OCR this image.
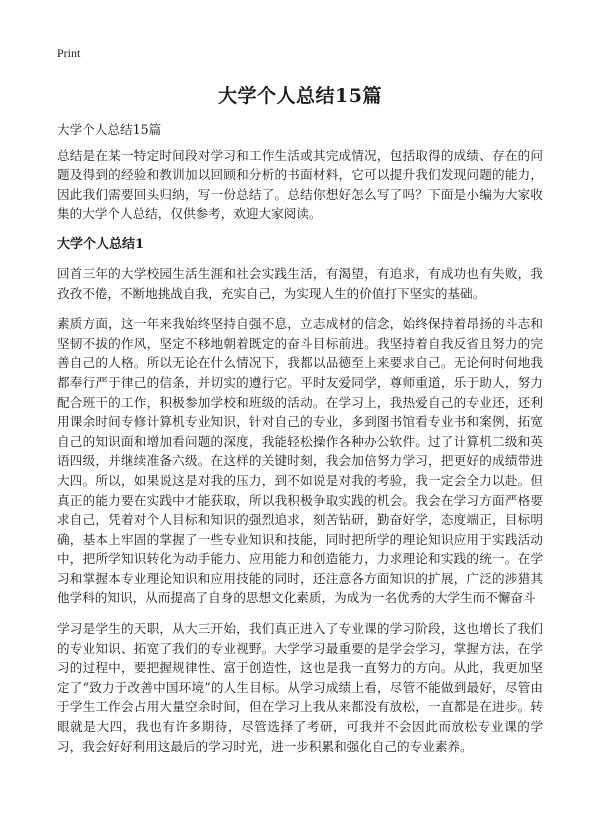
Print
大学个人总结15篇

大学个人总结15篇

总结是在某一特定时间段对学习和工作生活或其完成情况，包括取得的成绩、存在的问题及得到的经验和教训加以回顾和分析的书面材料，它可以提升我们发现问题的能力，因此我们需要回头归纳，写一份总结了。总结你想好怎么写了吗？下面是小编为大家收集的大学个人总结，仅供参考，欢迎大家阅读。

大学个人总结1

回首三年的大学校园生活生涯和社会实践生活，有渴望，有追求，有成功也有失败，我孜孜不倦，不断地挑战自我，充实自己，为实现人生的价值打下坚实的基础。

素质方面，这一年来我始终坚持自强不息，立志成材的信念，始终保持着昂扬的斗志和坚韧不拔的作风，坚定不移地朝着既定的奋斗目标前进。我坚持着自我反省且努力的完善自己的人格。所以无论在什么情况下，我都以品德至上来要求自己。无论何时何地我都奉行严于律己的信条，并切实的遵行它。平时友爱同学，尊师重道，乐于助人，努力配合班干的工作，积极参加学校和班级的活动。在学习上，我热爱自己的专业还，还利用课余时间专修计算机专业知识，针对自己的专业，多到图书馆看专业书和案例，拓宽自己的知识面和增加看问题的深度，我能轻松操作各种办公软件。过了计算机二级和英语四级，并继续准备六级。在这样的关键时刻，我会加倍努力学习，把更好的成绩带进大四。所以，如果说这是对我的压力，到不如说是对我的考验，我一定会全力以赴。但真正的能力要在实践中才能获取，所以我积极争取实践的机会。我会在学习方面严格要求自己，凭着对个人目标和知识的强烈追求，刻苦钻研，勤奋好学，态度端正，目标明确，基本上牢固的掌握了一些专业知识和技能，同时把所学的理论知识应用于实践活动中，把所学知识转化为动手能力、应用能力和创造能力，力求理论和实践的统一。在学习和掌握本专业理论知识和应用技能的同时，还注意各方面知识的扩展，广泛的涉猎其他学科的知识，从而提高了自身的思想文化素质，为成为一名优秀的大学生而不懈奋斗

学习是学生的天职，从大三开始，我们真正进入了专业课的学习阶段，这也增长了我们的专业知识、拓宽了我们的专业视野。大学学习最重要的是学会学习，掌握方法，在学习的过程中，要把握规律性、富于创造性，这也是我一直努力的方向。从此，我更加坚定了“致力于改善中国环境”的人生目标。从学习成绩上看，尽管不能做到最好，尽管由于学生工作会占用大量空余时间，但在学习上我从来都没有放松，一直都是在进步。转眼就是大四，我也有许多期待，尽管选择了考研，可我并不会因此而放松专业课的学习，我会好好利用这最后的学习时光，进一步积累和强化自己的专业素养。
